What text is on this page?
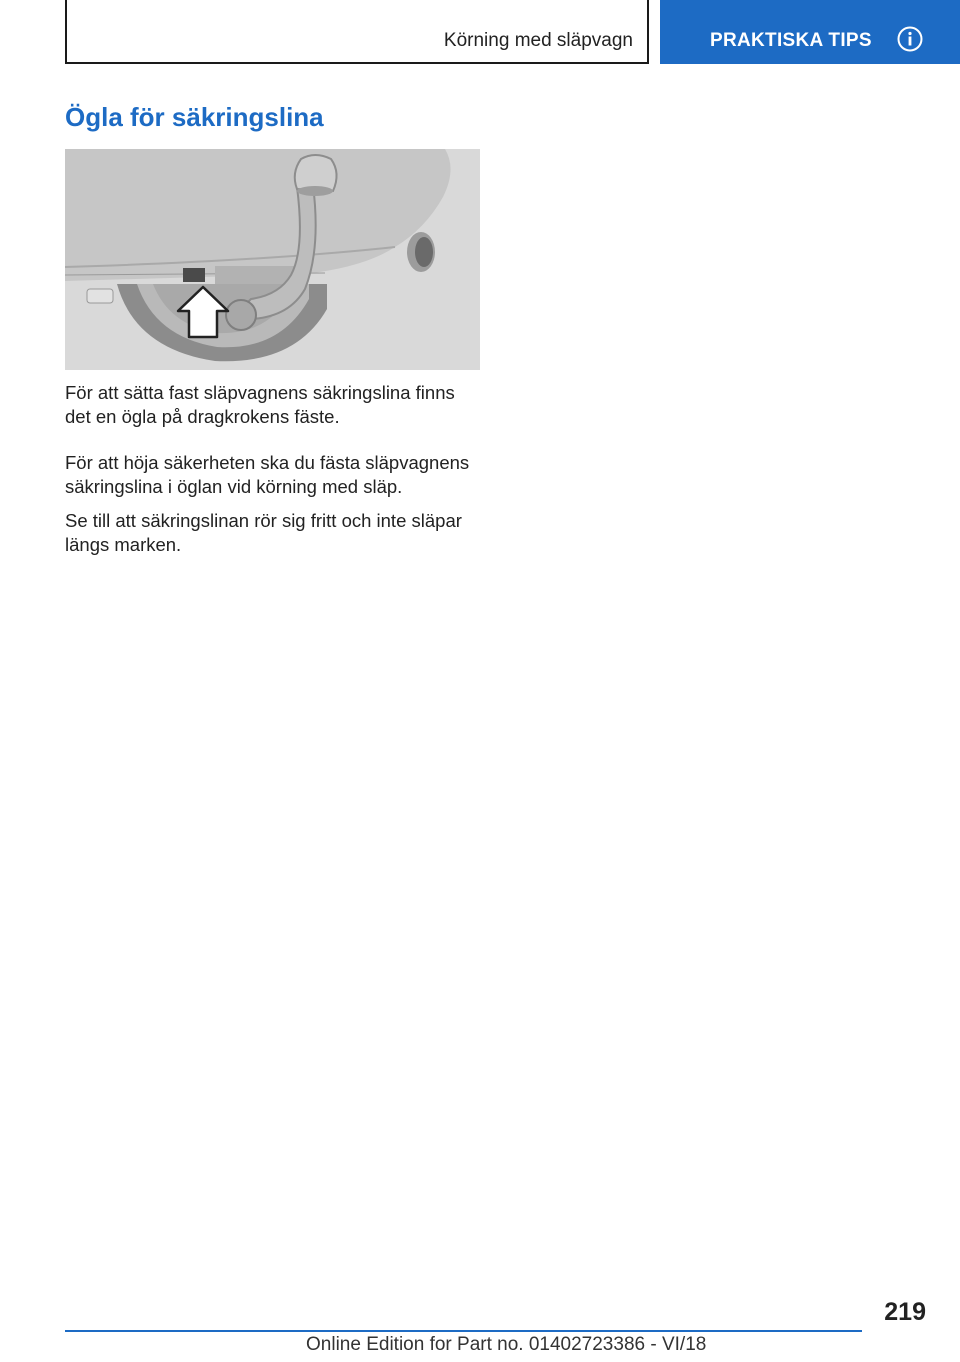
Körning med släpvagn	PRAKTISKA TIPS
Ögla för säkringslina

För att sätta fast släpvagnens säkringslina finns det en ögla på dragkrokens fäste.

För att höja säkerheten ska du fästa släpvagnens säkringslina i öglan vid körning med släp.

Se till att säkringslinan rör sig fritt och inte släpar längs marken.

219
Online Edition for Part no. 01402723386 - VI/18
